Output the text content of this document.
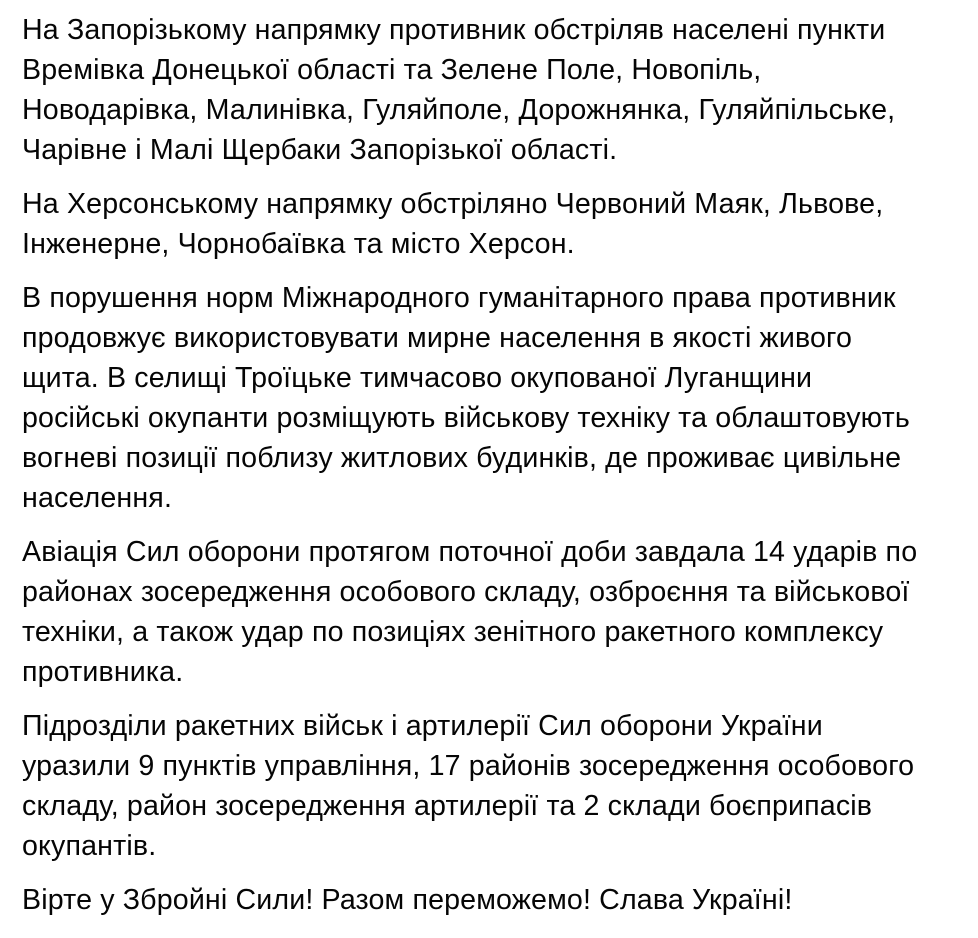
На Запорізькому напрямку противник обстріляв населені пункти
Времівка Донецької області та Зелене Поле, Новопіль,
Новодарівка, Малинівка, Гуляйполе, Дорожнянка, Гуляйпільське,
Чарівне і Малі Щербаки Запорізької області.

На Херсонському напрямку обстріляно Червоний Маяк, Львове,
Інженерне, Чорнобаївка та місто Херсон.

В порушення норм Міжнародного гуманітарного права противник
продовжує використовувати мирне населення в якості живого
щита. В селищі Троїцьке тимчасово окупованої Луганщини
російські окупанти розміщують військову техніку та облаштовують
вогневі позиції поблизу житлових будинків, де проживає цивільне
населення.

Авіація Сил оборони протягом поточної доби завдала 14 ударів по
районах зосередження особового складу, озброєння та військової
техніки, а також удар по позиціях зенітного ракетного комплексу
противника.

Підрозділи ракетних військ і артилерії Сил оборони України
уразили 9 пунктів управління, 17 районів зосередження особового
складу, район зосередження артилерії та 2 склади боєприпасів
окупантів.

Вірте у Збройні Сили! Разом переможемо! Слава Україні!
